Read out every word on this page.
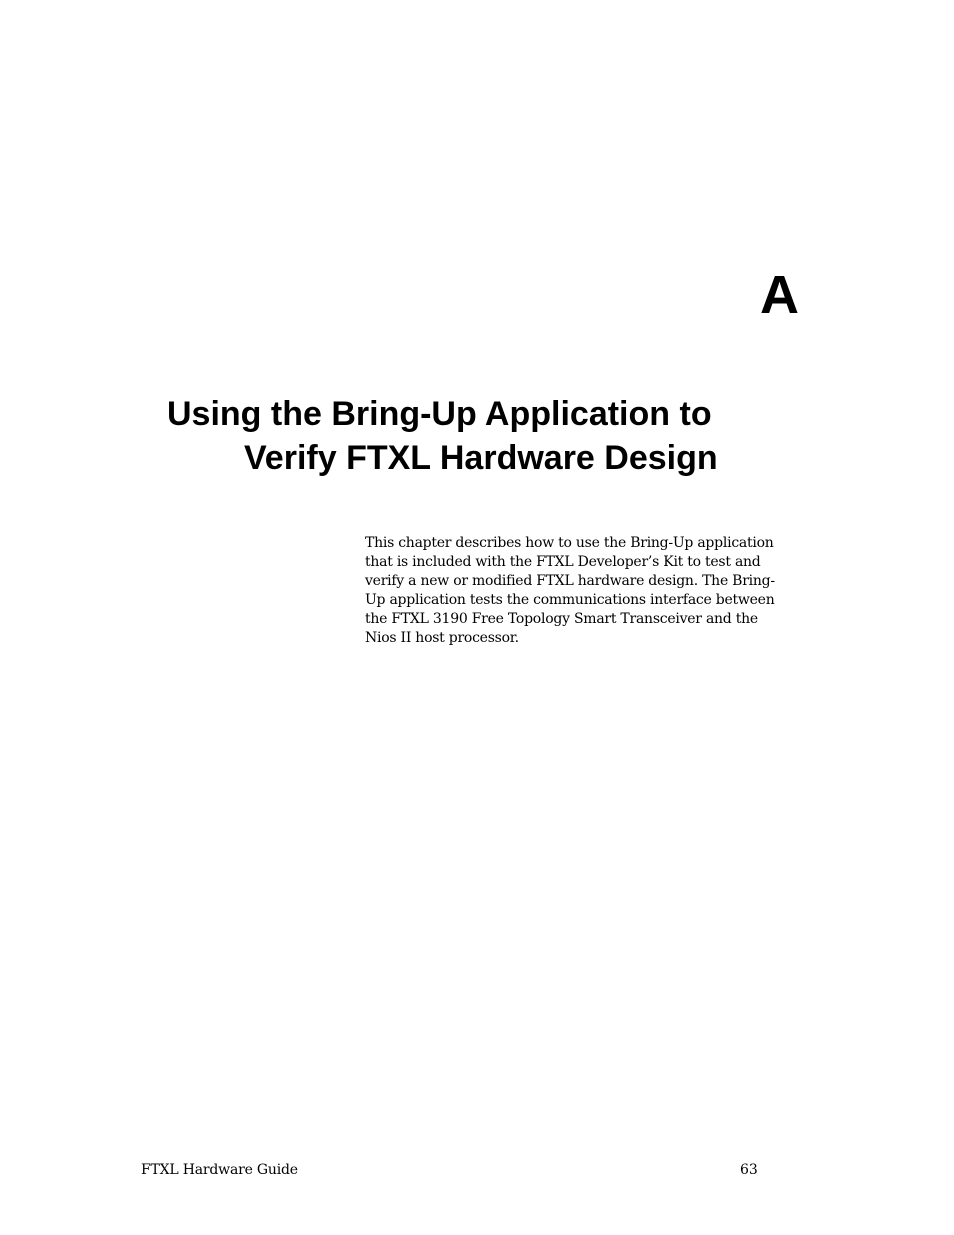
A
Using the Bring-Up Application to
Verify FTXL Hardware Design

This chapter describes how to use the Bring-Up application
that is included with the FTXL Developer’s Kit to test and
verify a new or modified FTXL hardware design. The Bring-
Up application tests the communications interface between
the FTXL 3190 Free Topology Smart Transceiver and the
Nios II host processor.

FTXL Hardware Guide	63
